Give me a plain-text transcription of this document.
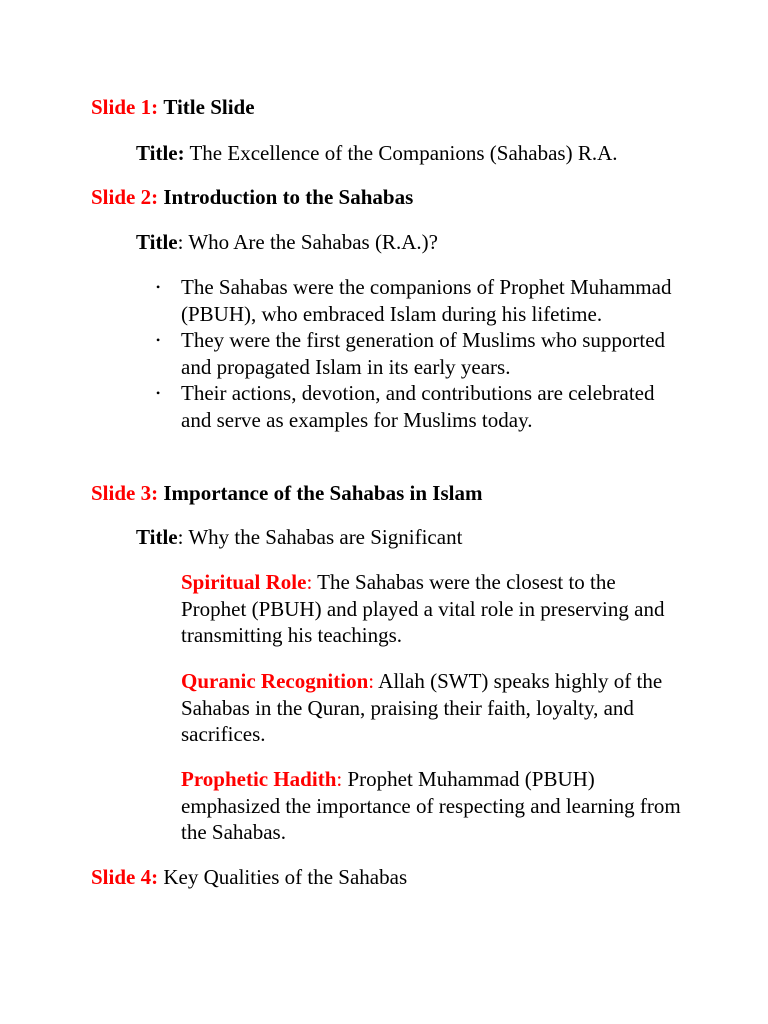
Slide 1: Title Slide

Title: The Excellence of the Companions (Sahabas) R.A.

Slide 2: Introduction to the Sahabas

Title: Who Are the Sahabas (R.A.)?

• The Sahabas were the companions of Prophet Muhammad (PBUH), who embraced Islam during his lifetime.
• They were the first generation of Muslims who supported and propagated Islam in its early years.
• Their actions, devotion, and contributions are celebrated and serve as examples for Muslims today.

Slide 3: Importance of the Sahabas in Islam

Title: Why the Sahabas are Significant

Spiritual Role: The Sahabas were the closest to the Prophet (PBUH) and played a vital role in preserving and transmitting his teachings.

Quranic Recognition: Allah (SWT) speaks highly of the Sahabas in the Quran, praising their faith, loyalty, and sacrifices.

Prophetic Hadith: Prophet Muhammad (PBUH) emphasized the importance of respecting and learning from the Sahabas.

Slide 4: Key Qualities of the Sahabas
